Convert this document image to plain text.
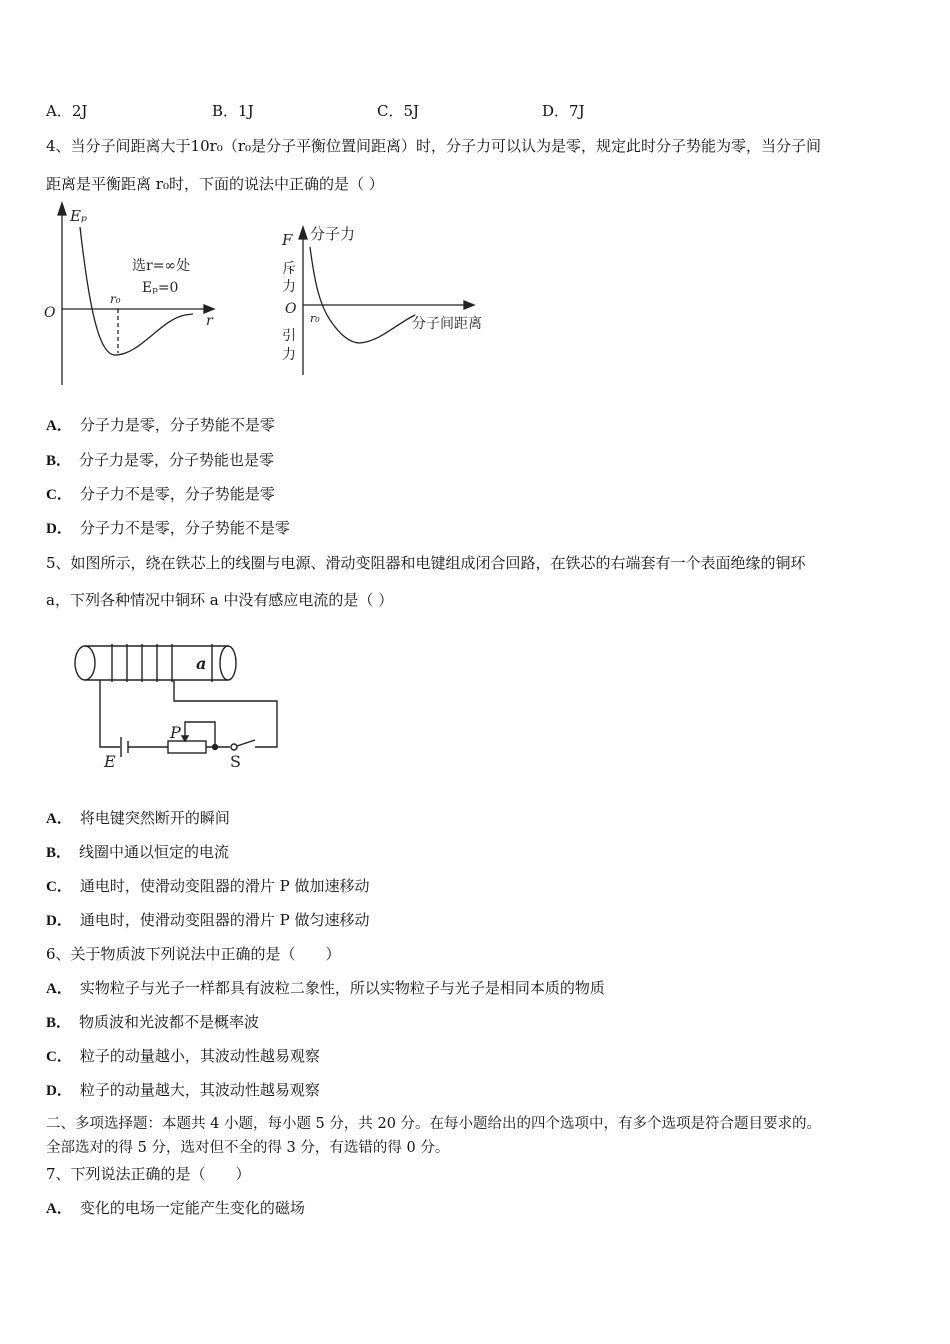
A．2J	B．1J	C．5J	D．7J
4、当分子间距离大于10r₀（r₀是分子平衡位置间距离）时，分子力可以认为是零，规定此时分子势能为零，当分子间
距离是平衡距离 r₀时，下面的说法中正确的是（ ）
Eₚ
O	r
r₀
选r=∞处
Eₚ=0
F 分子力
斥
力
O
r₀	分子间距离
引
力
A． 分子力是零，分子势能不是零
B． 分子力是零，分子势能也是零
C． 分子力不是零，分子势能是零
D． 分子力不是零，分子势能不是零
5、如图所示，绕在铁芯上的线圈与电源、滑动变阻器和电键组成闭合回路，在铁芯的右端套有一个表面绝缘的铜环
a，下列各种情况中铜环 a 中没有感应电流的是（ ）
a
E
P
S
A． 将电键突然断开的瞬间
B． 线圈中通以恒定的电流
C． 通电时，使滑动变阻器的滑片 P 做加速移动
D． 通电时，使滑动变阻器的滑片 P 做匀速移动
6、关于物质波下列说法中正确的是（　　）
A． 实物粒子与光子一样都具有波粒二象性，所以实物粒子与光子是相同本质的物质
B． 物质波和光波都不是概率波
C． 粒子的动量越小，其波动性越易观察
D． 粒子的动量越大，其波动性越易观察
二、多项选择题：本题共 4 小题，每小题 5 分，共 20 分。在每小题给出的四个选项中，有多个选项是符合题目要求的。
全部选对的得 5 分，选对但不全的得 3 分，有选错的得 0 分。
7、下列说法正确的是（　　）
A． 变化的电场一定能产生变化的磁场
